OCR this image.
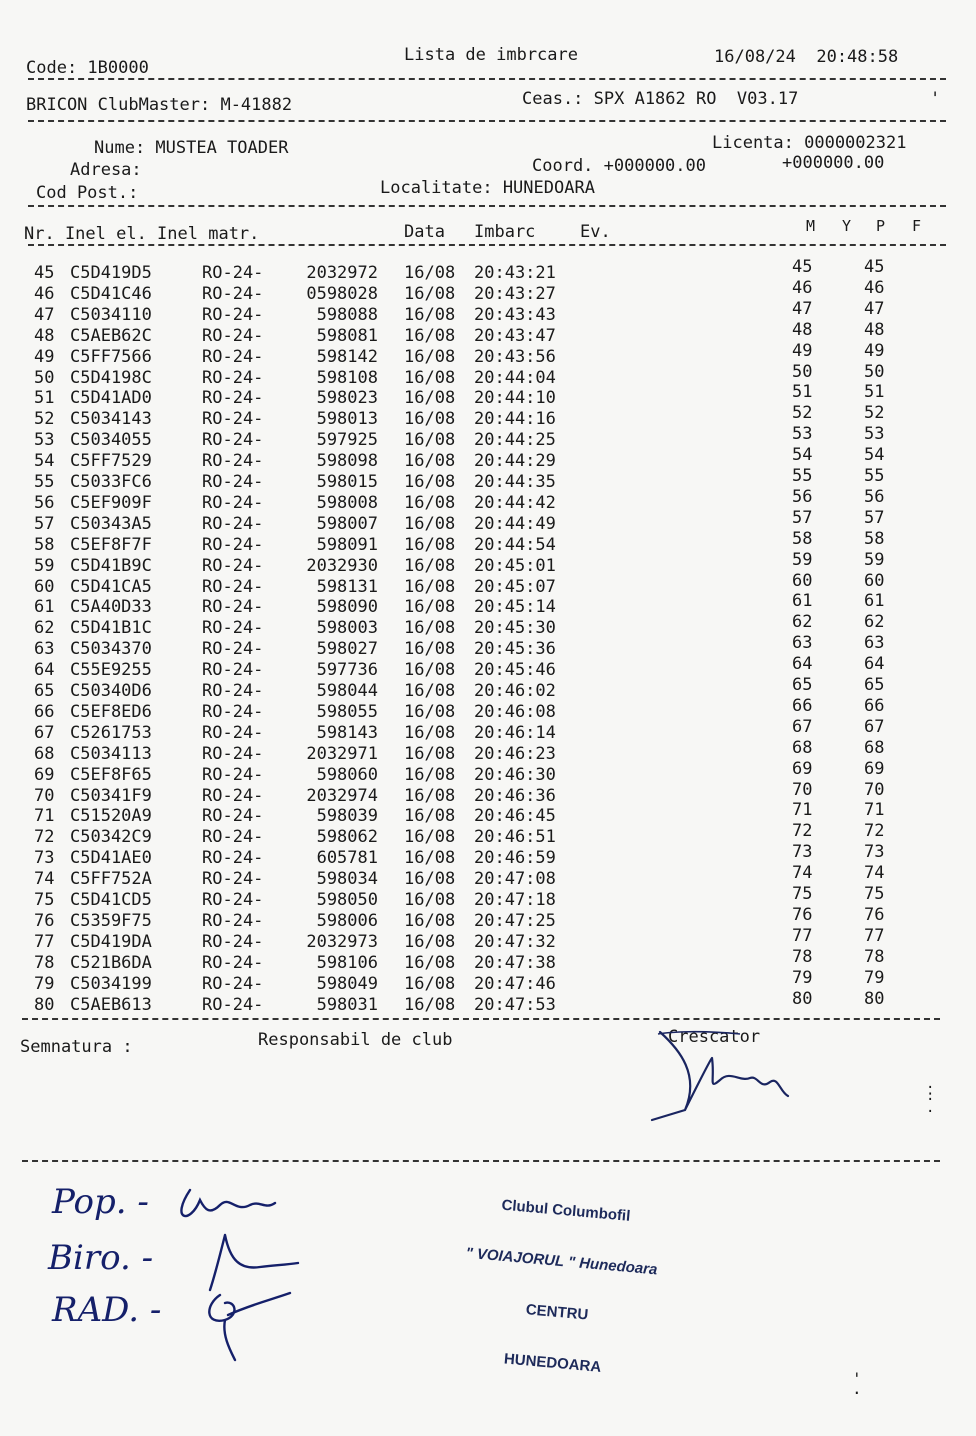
Code: 1B0000
Lista de imbrcare	16/08/24  20:48:58
BRICON ClubMaster: M-41882	Ceas.: SPX A1862 RO  V03.17	'
Nume: MUSTEA TOADER	Licenta: 0000002321
Adresa:	Coord. +000000.00	+000000.00
Cod Post.:	Localitate: HUNEDOARA
Nr. Inel el. Inel matr.	Data Imbarc	Ev.	M Y P F
45 C5D419D5	RO-24-	2032972 16/08 20:43:21	45	45
46 C5D41C46	RO-24-	0598028 16/08 20:43:27	46	46
47 C5034110	RO-24-	598088 16/08 20:43:43	47	47
48 C5AEB62C	RO-24-	598081 16/08 20:43:47	48	48
49 C5FF7566	RO-24-	598142 16/08 20:43:56	49	49
50 C5D4198C	RO-24-	598108 16/08 20:44:04	50	50
51 C5D41AD0	RO-24-	598023 16/08 20:44:10	51	51
52 C5034143	RO-24-	598013 16/08 20:44:16	52	52
53 C5034055	RO-24-	597925 16/08 20:44:25	53	53
54 C5FF7529	RO-24-	598098 16/08 20:44:29	54	54
55 C5033FC6	RO-24-	598015 16/08 20:44:35	55	55
56 C5EF909F	RO-24-	598008 16/08 20:44:42	56	56
57 C50343A5	RO-24-	598007 16/08 20:44:49	57	57
58 C5EF8F7F	RO-24-	598091 16/08 20:44:54	58	58
59 C5D41B9C	RO-24-	2032930 16/08 20:45:01	59	59
60 C5D41CA5	RO-24-	598131 16/08 20:45:07	60	60
61 C5A40D33	RO-24-	598090 16/08 20:45:14	61	61
62 C5D41B1C	RO-24-	598003 16/08 20:45:30	62	62
63 C5034370	RO-24-	598027 16/08 20:45:36	63	63
64 C55E9255	RO-24-	597736 16/08 20:45:46	64	64
65 C50340D6	RO-24-	598044 16/08 20:46:02	65	65
66 C5EF8ED6	RO-24-	598055 16/08 20:46:08	66	66
67 C5261753	RO-24-	598143 16/08 20:46:14	67	67
68 C5034113	RO-24-	2032971 16/08 20:46:23	68	68
69 C5EF8F65	RO-24-	598060 16/08 20:46:30	69	69
70 C50341F9	RO-24-	2032974 16/08 20:46:36	70	70
71 C51520A9	RO-24-	598039 16/08 20:46:45	71	71
72 C50342C9	RO-24-	598062 16/08 20:46:51	72	72
73 C5D41AE0	RO-24-	605781 16/08 20:46:59	73	73
74 C5FF752A	RO-24-	598034 16/08 20:47:08	74	74
75 C5D41CD5	RO-24-	598050 16/08 20:47:18	75	75
76 C5359F75	RO-24-	598006 16/08 20:47:25	76	76
77 C5D419DA	RO-24-	2032973 16/08 20:47:32	77	77
78 C521B6DA	RO-24-	598106 16/08 20:47:38	78	78
79 C5034199	RO-24-	598049 16/08 20:47:46	79	79
80 C5AEB613	RO-24-	598031 16/08 20:47:53	80	80
Semnatura :	Responsabil de club	Crescator
.
:
.
Pop. -
Biro. -
RAD. -

Clubul Columbofil

" VOIAJORUL " Hunedoara

CENTRU

HUNEDOARA

'
.
